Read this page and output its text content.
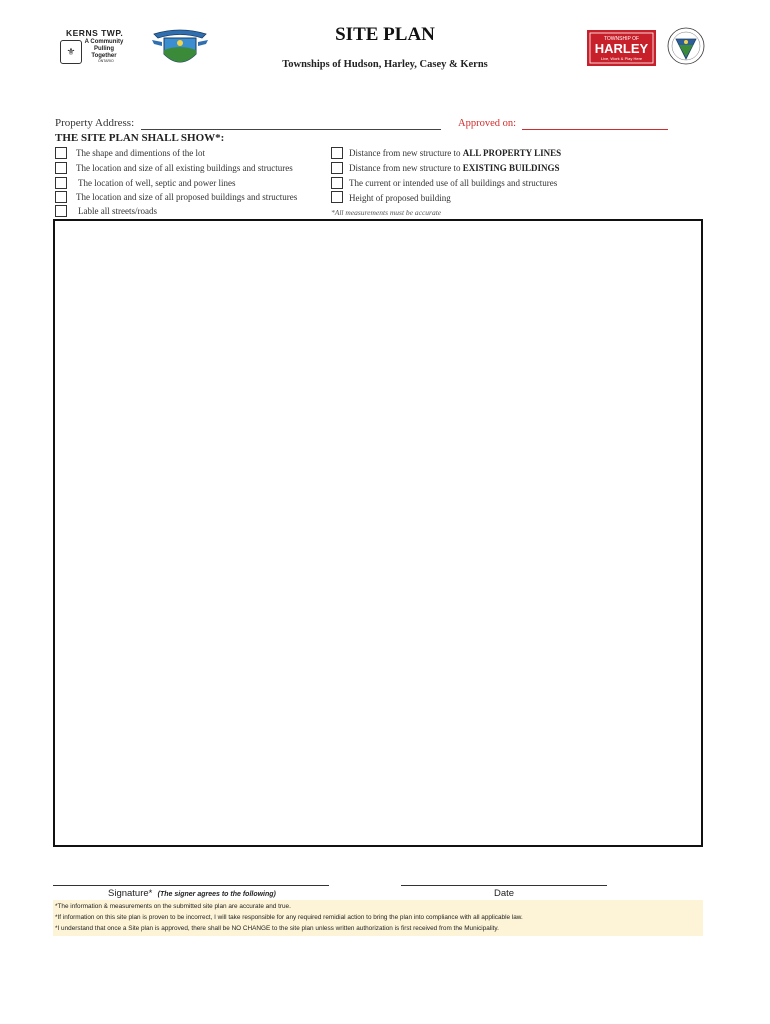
KERNS TWP.
⚜
A Community
Pulling Together
ONTARIO
SITE PLAN
Townships of Hudson, Harley, Casey & Kerns
TOWNSHIP OF
HARLEY
Live, Work & Play Here
Property Address:	Approved on:
THE SITE PLAN SHALL SHOW*:
The shape and dimentions of the lot
The location and size of all existing buildings and structures
The location of well, septic and power lines
The location and size of all proposed buildings and structures
Lable all streets/roads
Distance from new structure to ALL PROPERTY LINES
Distance from new structure to EXISTING BUILDINGS
The current or intended use of all buildings and structures
Height of proposed building
*All measurements must be accurate
Signature* (The signer agrees to the following)	Date
*The information & measurements on the submitted site plan are accurate and true.
*If information on this site plan is proven to be incorrect, I will take responsible for any required remidial action to bring the plan into compliance with all applicable law.
*I understand that once a Site plan is approved, there shall be NO CHANGE to the site plan unless written authorization is first received from the Municipality.
